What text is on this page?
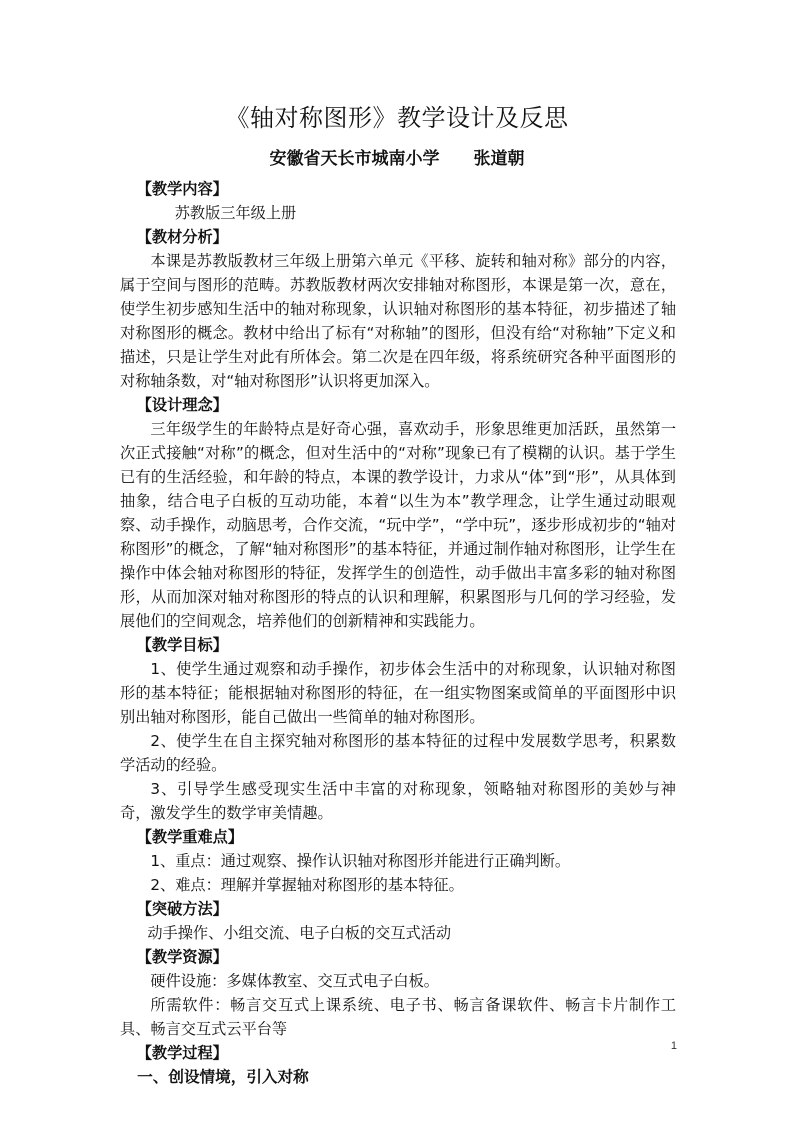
《轴对称图形》教学设计及反思
安徽省天长市城南小学　　张道朝

【教学内容】

苏教版三年级上册

【教材分析】

本课是苏教版教材三年级上册第六单元《平移、旋转和轴对称》部分的内容，属于空间与图形的范畴。苏教版教材两次安排轴对称图形，本课是第一次，意在，使学生初步感知生活中的轴对称现象，认识轴对称图形的基本特征，初步描述了轴对称图形的概念。教材中给出了标有“对称轴”的图形，但没有给“对称轴”下定义和描述，只是让学生对此有所体会。第二次是在四年级，将系统研究各种平面图形的对称轴条数，对“轴对称图形”认识将更加深入。

【设计理念】

三年级学生的年龄特点是好奇心强，喜欢动手，形象思维更加活跃，虽然第一次正式接触“对称”的概念，但对生活中的“对称”现象已有了模糊的认识。基于学生已有的生活经验，和年龄的特点，本课的教学设计，力求从“体”到“形”，从具体到抽象，结合电子白板的互动功能，本着“以生为本”教学理念，让学生通过动眼观察、动手操作，动脑思考，合作交流，“玩中学”，“学中玩”，逐步形成初步的“轴对称图形”的概念，了解“轴对称图形”的基本特征，并通过制作轴对称图形，让学生在操作中体会轴对称图形的特征，发挥学生的创造性，动手做出丰富多彩的轴对称图形，从而加深对轴对称图形的特点的认识和理解，积累图形与几何的学习经验，发展他们的空间观念，培养他们的创新精神和实践能力。

【教学目标】

1、使学生通过观察和动手操作，初步体会生活中的对称现象，认识轴对称图形的基本特征；能根据轴对称图形的特征，在一组实物图案或简单的平面图形中识别出轴对称图形，能自己做出一些简单的轴对称图形。

2、使学生在自主探究轴对称图形的基本特征的过程中发展数学思考，积累数学活动的经验。

3、引导学生感受现实生活中丰富的对称现象，领略轴对称图形的美妙与神奇，激发学生的数学审美情趣。

【教学重难点】

1、重点：通过观察、操作认识轴对称图形并能进行正确判断。

2、难点：理解并掌握轴对称图形的基本特征。

【突破方法】

动手操作、小组交流、电子白板的交互式活动

【教学资源】

硬件设施：多媒体教室、交互式电子白板。

所需软件：畅言交互式上课系统、电子书、畅言备课软件、畅言卡片制作工具、畅言交互式云平台等

【教学过程】

一、创设情境，引入对称

1
